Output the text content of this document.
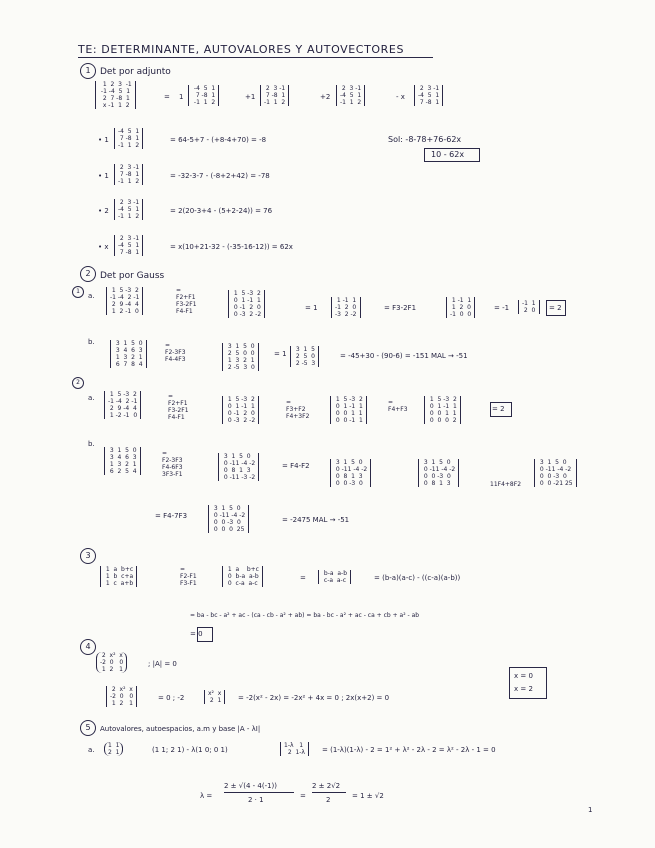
TE: DETERMINANTE, AUTOVALORES Y AUTOVECTORES
1	Det por adjunto
1  2  3  -1
-1 -4  5  1
2  7 -8  1
x -1  1  2
= 1
-4  5  1
7 -8  1
-1  1  2
+1
2  3 -1
7 -8  1
-1  1  2
+2
2  3 -1
-4  5  1
-1  1  2
- x
2  3 -1
-4  5  1
7 -8  1
• 1
-4  5  1
7 -8  1
-1  1  2
= 64-5+7 - (+8-4+70) = -8	Sol: -8-78+76-62x
10 - 62x
• 1
2  3 -1
7 -8  1
-1  1  2
= -32-3-7 - (-8+2+42) = -78
• 2
2  3 -1
-4  5  1
-1  1  2
= 2(20-3+4 - (5+2-24)) = 76
• x
2  3 -1
-4  5  1
7 -8  1
= x(10+21-32 - (-35-16-12)) = 62x
2	Det por Gauss
1
a.
1  5 -3  2
-1 -4  2 -1
2  9 -4  4
1  2 -1  0
=
F2+F1
F3-2F1
F4-F1
1  5 -3  2
0  1 -1  1
0 -1  2  0
0 -3  2 -2
= 1
1 -1  1
-1  2  0
-3  2 -2
= F3-2F1
1 -1  1
1  2  0
-1  0  0
= -1
-1  1
2  0	= 2
b.	3  1  5  0
3  4  6  3
1  3  2  1
6  7  8  4
=
F2-3F3
F4-4F3
3  1  5  0
2  5  0  0
1  3  2  1
2 -5  3  0
= 1
3  1  5
2  5  0
2 -5  3
= -45+30 - (90-6) = -151 MAL → -51
2
a.	1  5 -3  2
-1 -4  2 -1
2  9 -4  4
1 -2 -1  0
=
F2+F1
F3-2F1
F4-F1
1  5 -3  2
0  1 -1  1
0 -1  2  0
0 -3  2 -2
=
F3+F2
F4+3F2
1  5 -3  2
0  1 -1  1
0  0  1  1
0  0 -1  1
=
F4+F3
1  5 -3  2
0  1 -1  1
0  0  1  1
0  0  0  2
= 2
b.
3  1  5  0
3  4  6  3
1  3  2  1
6  2  5  4
=
F2-3F3
F4-6F3
3F3-F1
3  1  5  0
0 -11 -4 -2
0  8  1  3
0 -11 -3 -2
= F4-F2	3  1  5  0
0 -11 -4 -2
0  8  1  3
0  0 -3  0
3  1  5  0
0 -11 -4 -2
0  0 -3  0
0  8  1  3	11F4+8F2
3  1  5  0
0 -11 -4 -2
0  0 -3  0
0  0 -21 25
= F4-7F3
3  1  5  0
0 -11 -4 -2
0  0 -3  0
0  0  0  25
= -2475 MAL → -51
3
1  a  b+c
1  b  c+a
1  c  a+b
=
F2-F1
F3-F1
1  a    b+c
0  b-a  a-b
0  c-a  a-c
=
b-a  a-b
c-a  a-c	= (b-a)(a-c) - ((c-a)(a-b))
= ba - bc - a² + ac - (ca - cb - a² + ab) = ba - bc - a² + ac - ca + cb + a² - ab
= 0
4
2  x²  x
-2  0   0
1  2   1
; |A| = 0
2  x²  x
-2  0   0
1  2   1
= 0 ; -2
x²  x
2  1	= -2(x² - 2x) = -2x² + 4x = 0 ; 2x(x+2) = 0
x = 0
x = 2
5	Autovalores, autoespacios, a.m y base |A - λI|
a.
1  1
2  1	(1 1; 2 1) - λ(1 0; 0 1)
1-λ   1
2  1-λ	= (1-λ)(1-λ) - 2 = 1² + λ² - 2λ - 2 = λ² - 2λ - 1 = 0
λ =
2 ± √(4 - 4(-1))
2 · 1	=
2 ± 2√2
2	= 1 ± √2
1
